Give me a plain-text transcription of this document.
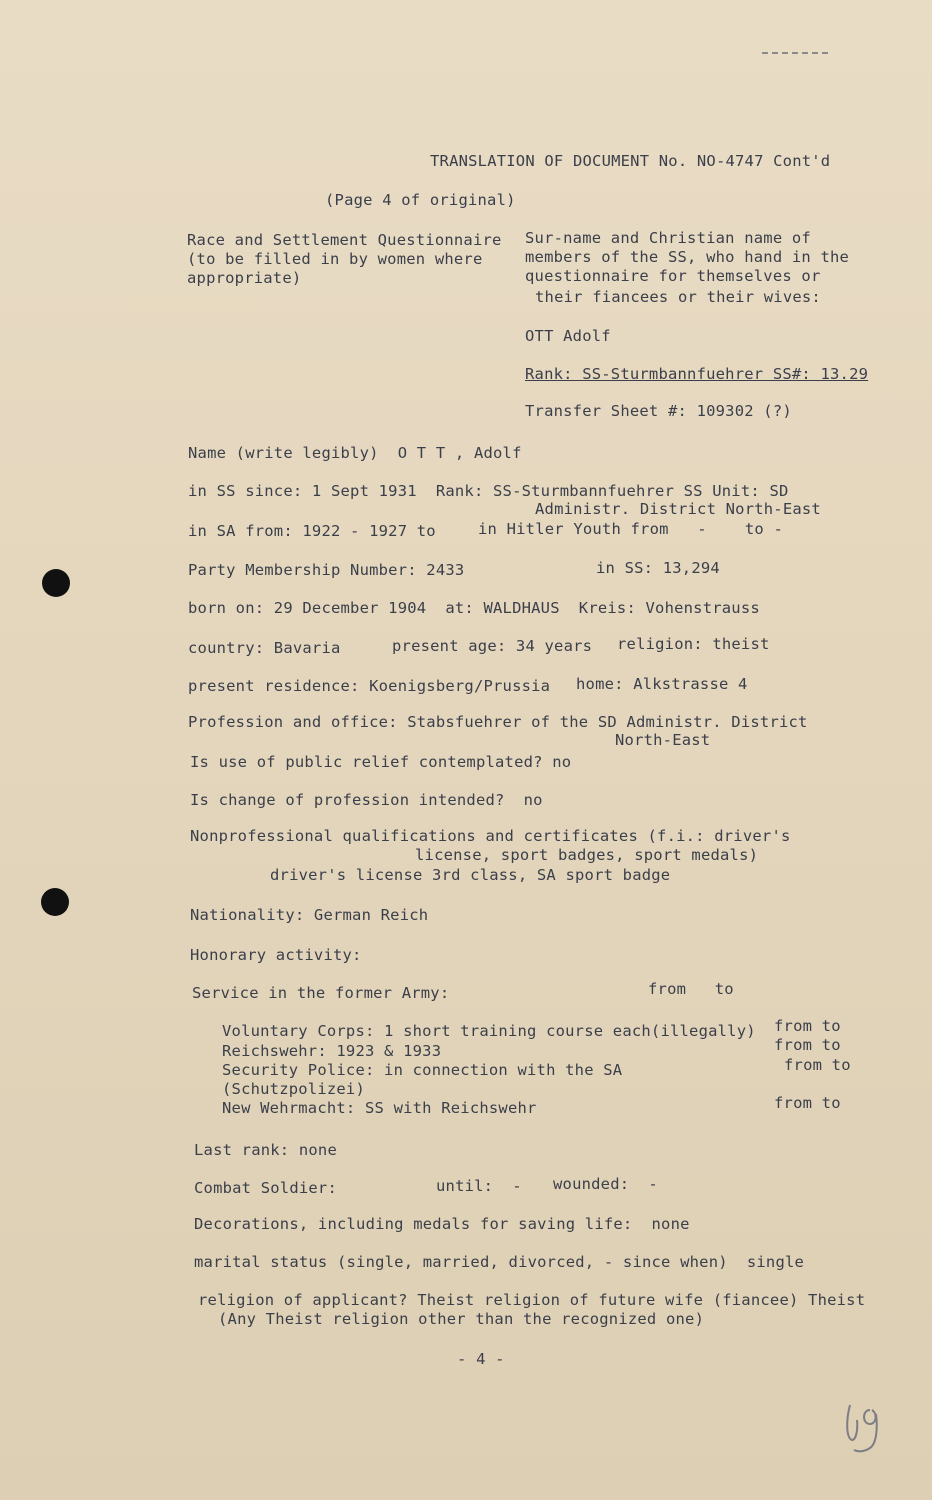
TRANSLATION OF DOCUMENT No. NO-4747 Cont'd
(Page 4 of original)
Race and Settlement Questionnaire
(to be filled in by women where
appropriate)
Sur-name and Christian name of
members of the SS, who hand in the
questionnaire for themselves or
their fiancees or their wives:
OTT Adolf
Rank: SS-Sturmbannfuehrer SS#: 13.29
Transfer Sheet #: 109302 (?)
Name (write legibly)  O T T , Adolf
in SS since: 1 Sept 1931  Rank: SS-Sturmbannfuehrer SS Unit: SD
Administr. District North-East
in SA from: 1922 - 1927 to	in Hitler Youth from   -    to -
Party Membership Number: 2433	in SS: 13,294
born on: 29 December 1904  at: WALDHAUS  Kreis: Vohenstrauss
country: Bavaria	present age: 34 years religion: theist
present residence: Koenigsberg/Prussia home: Alkstrasse 4
Profession and office: Stabsfuehrer of the SD Administr. District
North-East
Is use of public relief contemplated? no
Is change of profession intended?  no
Nonprofessional qualifications and certificates (f.i.: driver's
license, sport badges, sport medals)
driver's license 3rd class, SA sport badge
Nationality: German Reich
Honorary activity:
Service in the former Army:	from   to
Voluntary Corps: 1 short training course each(illegally) from to
Reichswehr: 1923 & 1933	from to
Security Police: in connection with the SA	from to
(Schutzpolizei)
New Wehrmacht: SS with Reichswehr	from to
Last rank: none
Combat Soldier:	until:  - wounded:  -
Decorations, including medals for saving life:  none
marital status (single, married, divorced, - since when)  single
religion of applicant? Theist religion of future wife (fiancee) Theist
(Any Theist religion other than the recognized one)
- 4 -
